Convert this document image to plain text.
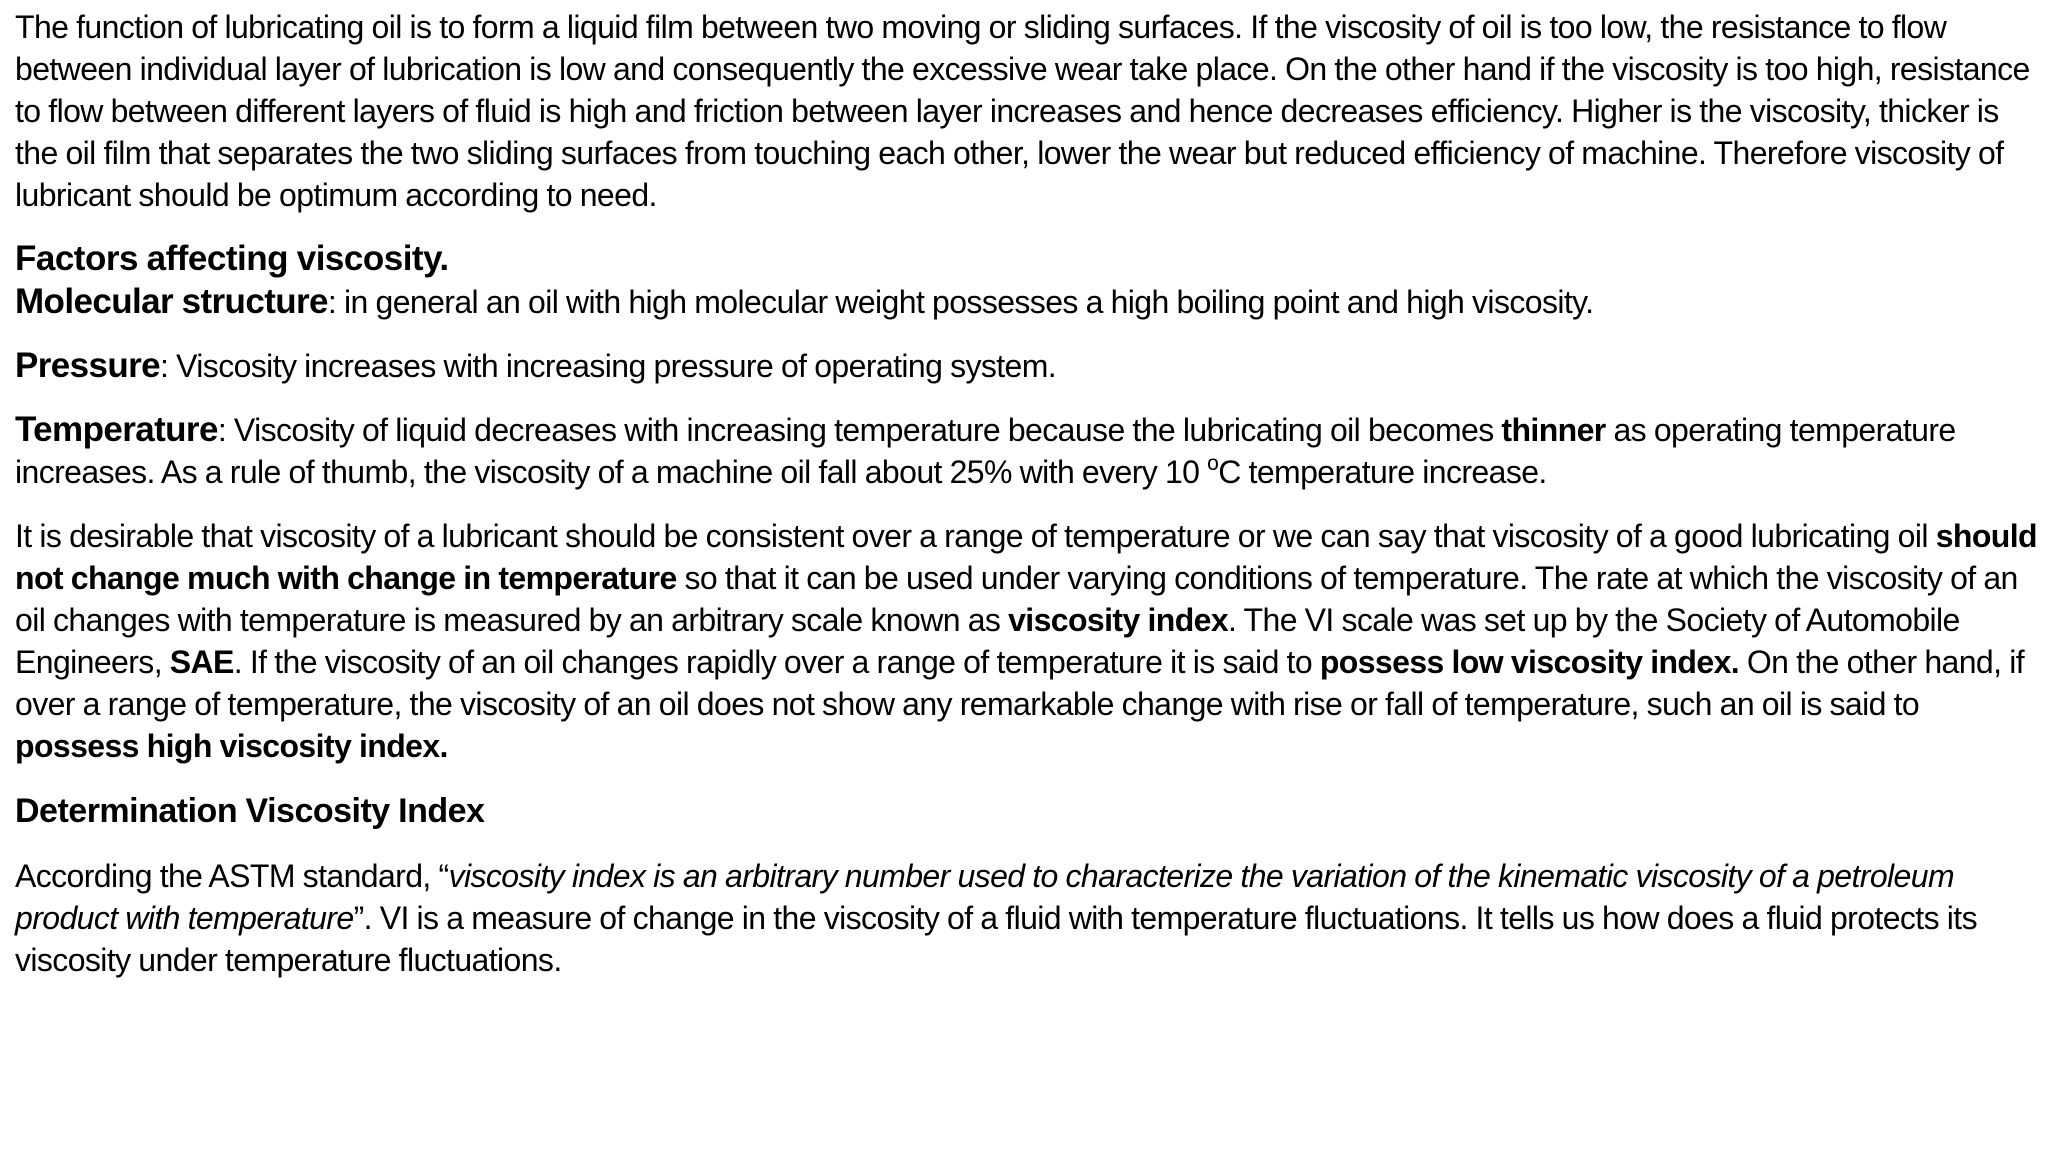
The function of lubricating oil is to form a liquid film between two moving or sliding surfaces. If the viscosity of oil is too low, the resistance to flow between individual layer of lubrication is low and consequently the excessive wear take place. On the other hand if the viscosity is too high, resistance to flow between different layers of fluid is high and friction between layer increases and hence decreases efficiency. Higher is the viscosity, thicker is the oil film that separates the two sliding surfaces from touching each other, lower the wear but reduced efficiency of machine. Therefore viscosity of lubricant should be optimum according to need.

Factors affecting viscosity.

Molecular structure: in general an oil with high molecular weight possesses a high boiling point and high viscosity.

Pressure: Viscosity increases with increasing pressure of operating system.

Temperature: Viscosity of liquid decreases with increasing temperature because the lubricating oil becomes thinner as operating temperature increases. As a rule of thumb, the viscosity of a machine oil fall about 25% with every 10 $^o$C temperature increase.

It is desirable that viscosity of a lubricant should be consistent over a range of temperature or we can say that viscosity of a good lubricating oil should not change much with change in temperature so that it can be used under varying conditions of temperature. The rate at which the viscosity of an oil changes with temperature is measured by an arbitrary scale known as viscosity index. The VI scale was set up by the Society of Automobile Engineers, SAE. If the viscosity of an oil changes rapidly over a range of temperature it is said to possess low viscosity index. On the other hand, if over a range of temperature, the viscosity of an oil does not show any remarkable change with rise or fall of temperature, such an oil is said to possess high viscosity index.

Determination Viscosity Index

According the ASTM standard, “viscosity index is an arbitrary number used to characterize the variation of the kinematic viscosity of a petroleum product with temperature”. VI is a measure of change in the viscosity of a fluid with temperature fluctuations. It tells us how does a fluid protects its viscosity under temperature fluctuations.
